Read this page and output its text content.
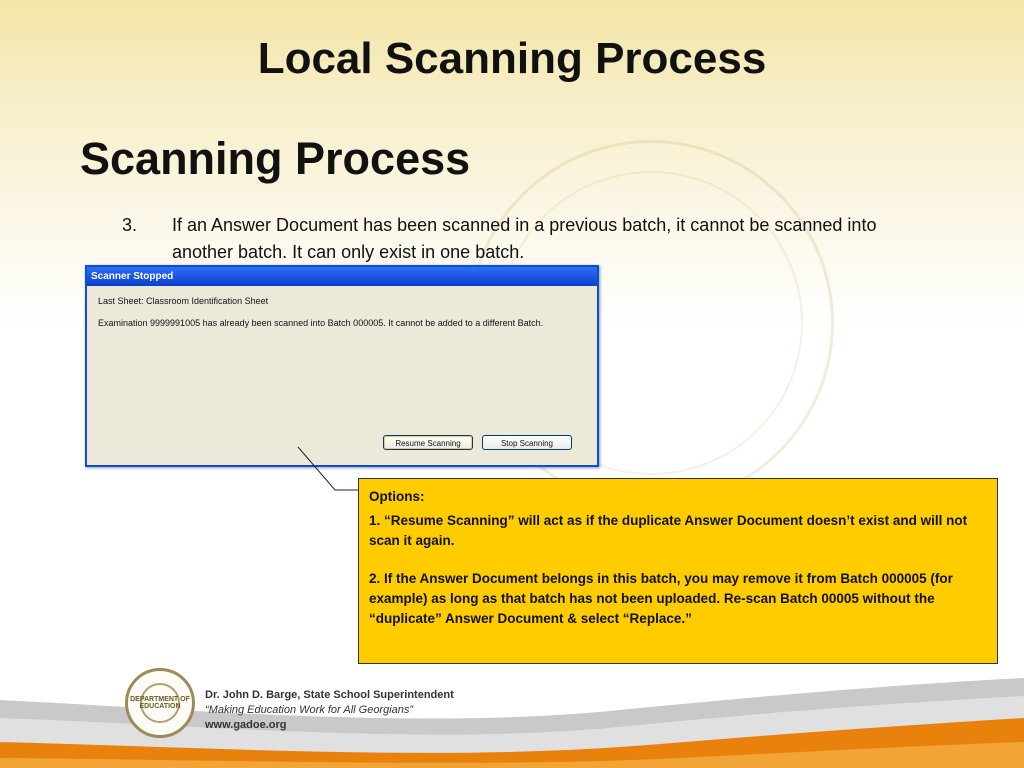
Local Scanning Process
Scanning Process
3. If an Answer Document has been scanned in a previous batch, it cannot be scanned into another batch. It can only exist in one batch.
Scanner Stopped
Last Sheet: Classroom Identification Sheet
Examination 9999991005 has already been scanned into Batch 000005. It cannot be added to a different Batch.
Resume Scanning	Stop Scanning

Options:

1. “Resume Scanning” will act as if the duplicate Answer Document doesn’t exist and will not scan it again.

2. If the Answer Document belongs in this batch, you may remove it from Batch 000005 (for example) as long as that batch has not been uploaded. Re-scan Batch 00005 without the “duplicate” Answer Document & select “Replace.”

DEPARTMENT OF EDUCATION
Dr. John D. Barge, State School Superintendent
“Making Education Work for All Georgians”
www.gadoe.org
